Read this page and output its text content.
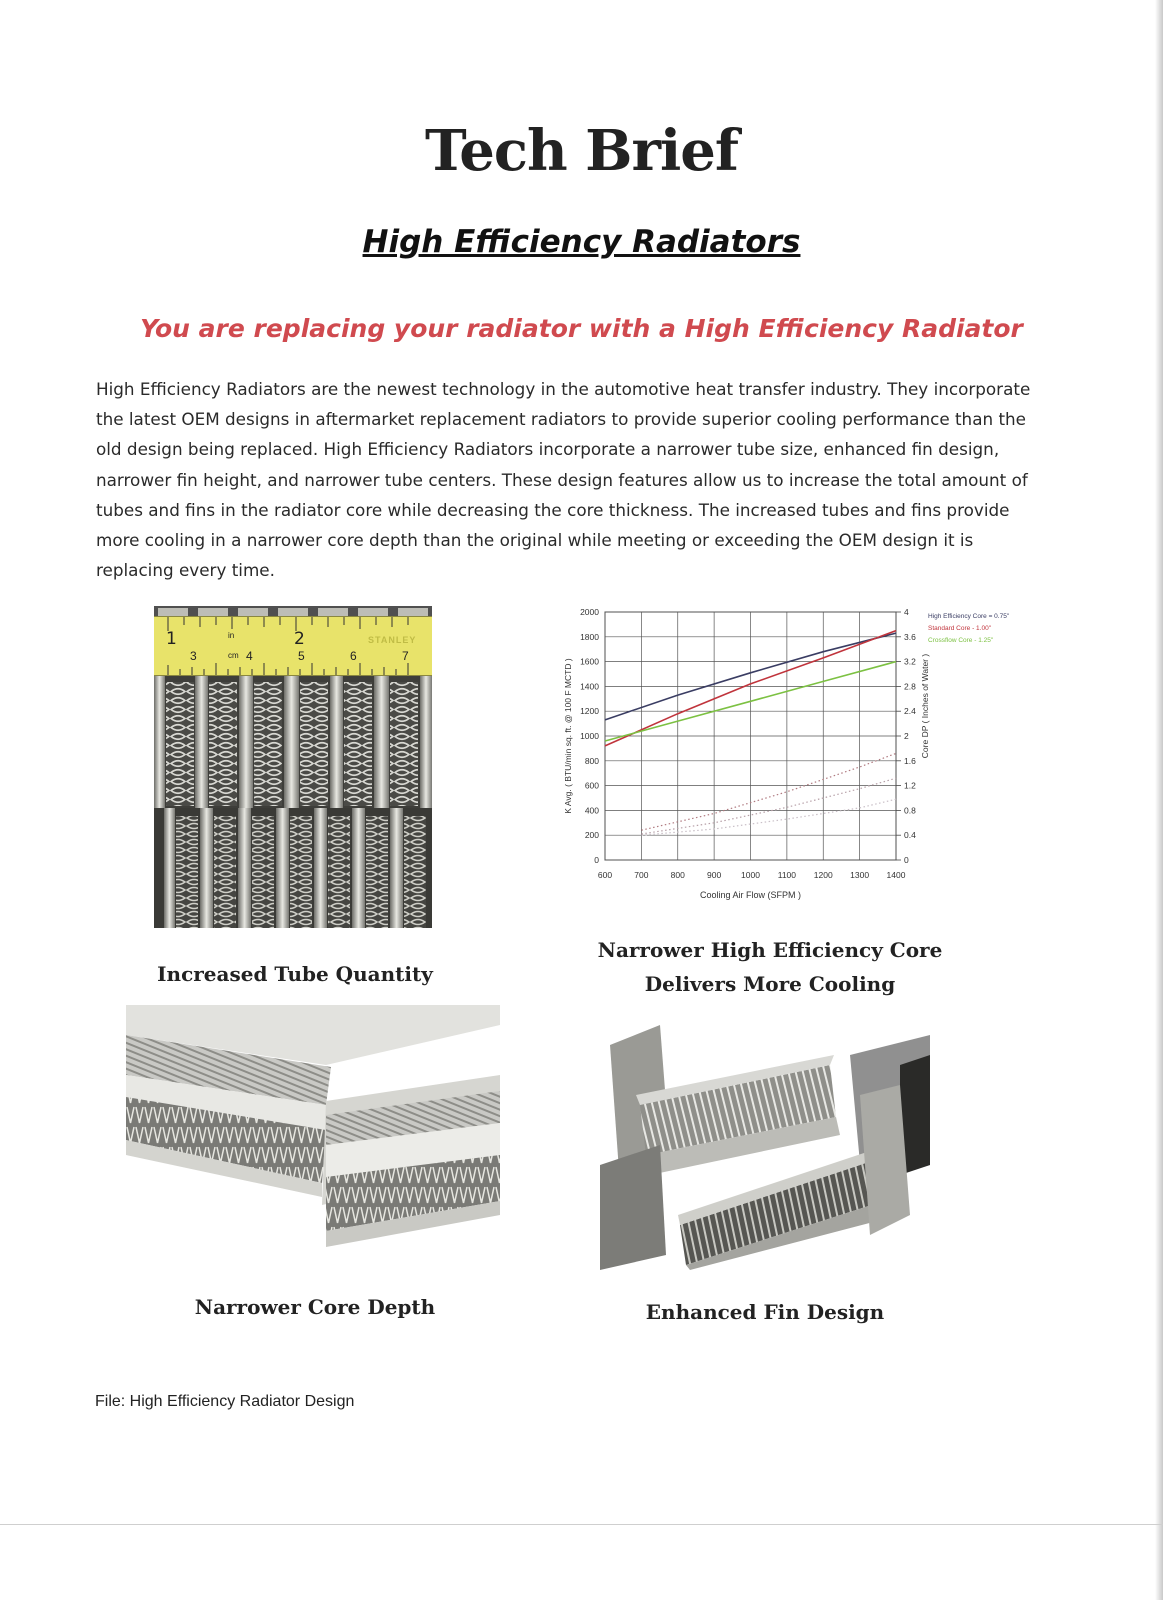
Tech Brief
High Efficiency Radiators
You are replacing your radiator with a High Efficiency Radiator
High Efficiency Radiators are the newest technology in the automotive heat transfer industry. They incorporate the latest OEM designs in aftermarket replacement radiators to provide superior cooling performance than the old design being replaced. High Efficiency Radiators incorporate a narrower tube size, enhanced fin design, narrower fin height, and narrower tube centers. These design features allow us to increase the total amount of tubes and fins in the radiator core while decreasing the core thickness. The increased tubes and fins provide more cooling in a narrower core depth than the original while meeting or exceeding the OEM design it is replacing every time.
1	in	2	STANLEY
3	cm 4	5	6	7
Increased Tube Quantity
600	700	800	900 1000 1100 1200 1300 1400
0
200
400
600
800
1000
1200
1400
1600
1800
2000
0
0.4
0.8
1.2
1.6
2
2.4
2.8
3.2
3.6
4
Cooling Air Flow (SFPM )
K Avg. ( BTU/min sq. ft. @ 100 F MCTD )	Core DP ( Inches of Water )
High Efficiency Core = 0.75"
Standard Core - 1.00"
Crossflow Core - 1.25"
Narrower High Efficiency Core
Delivers More Cooling
Narrower Core Depth	Enhanced Fin Design
File: High Efficiency Radiator Design
